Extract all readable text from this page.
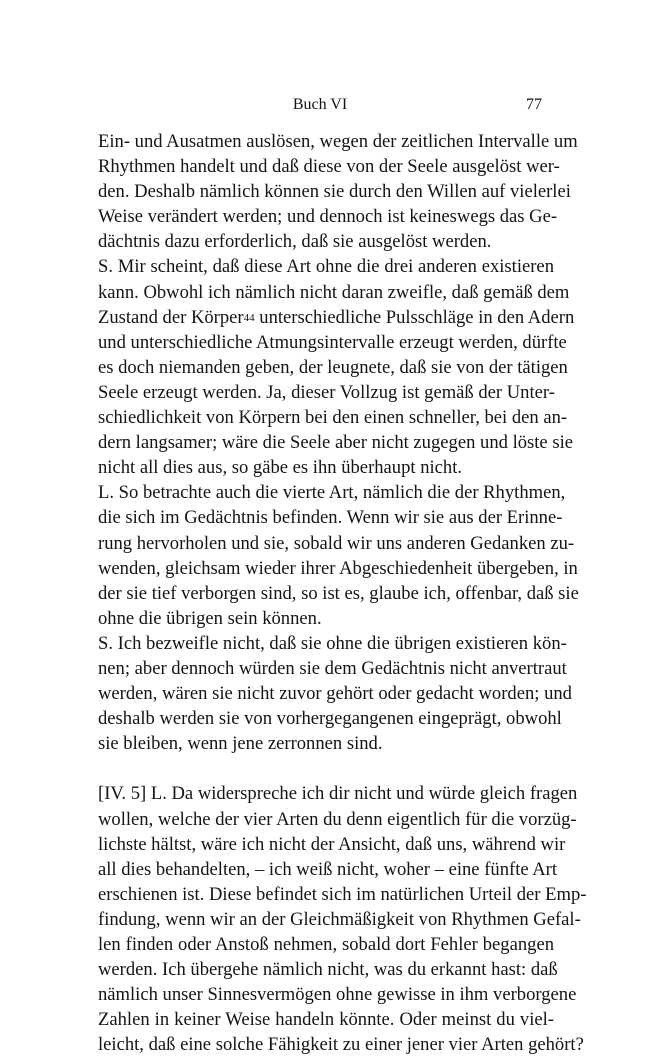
Buch VI	77
Ein- und Ausatmen auslösen, wegen der zeitlichen Intervalle um
Rhythmen handelt und daß diese von der Seele ausgelöst wer-
den. Deshalb nämlich können sie durch den Willen auf vielerlei
Weise verändert werden; und dennoch ist keineswegs das Ge-
dächtnis dazu erforderlich, daß sie ausgelöst werden.
S. Mir scheint, daß diese Art ohne die drei anderen existieren
kann. Obwohl ich nämlich nicht daran zweifle, daß gemäß dem
Zustand der Körper$^{44}$ unterschiedliche Pulsschläge in den Adern
und unterschiedliche Atmungsintervalle erzeugt werden, dürfte
es doch niemanden geben, der leugnete, daß sie von der tätigen
Seele erzeugt werden. Ja, dieser Vollzug ist gemäß der Unter-
schiedlichkeit von Körpern bei den einen schneller, bei den an-
dern langsamer; wäre die Seele aber nicht zugegen und löste sie
nicht all dies aus, so gäbe es ihn überhaupt nicht.
L. So betrachte auch die vierte Art, nämlich die der Rhythmen,
die sich im Gedächtnis befinden. Wenn wir sie aus der Erinne-
rung hervorholen und sie, sobald wir uns anderen Gedanken zu-
wenden, gleichsam wieder ihrer Abgeschiedenheit übergeben, in
der sie tief verborgen sind, so ist es, glaube ich, offenbar, daß sie
ohne die übrigen sein können.
S. Ich bezweifle nicht, daß sie ohne die übrigen existieren kön-
nen; aber dennoch würden sie dem Gedächtnis nicht anvertraut
werden, wären sie nicht zuvor gehört oder gedacht worden; und
deshalb werden sie von vorhergegangenen eingeprägt, obwohl
sie bleiben, wenn jene zerronnen sind.
[IV. 5] L. Da widerspreche ich dir nicht und würde gleich fragen
wollen, welche der vier Arten du denn eigentlich für die vorzüg-
lichste hältst, wäre ich nicht der Ansicht, daß uns, während wir
all dies behandelten, – ich weiß nicht, woher – eine fünfte Art
erschienen ist. Diese befindet sich im natürlichen Urteil der Emp-
findung, wenn wir an der Gleichmäßigkeit von Rhythmen Gefal-
len finden oder Anstoß nehmen, sobald dort Fehler begangen
werden. Ich übergehe nämlich nicht, was du erkannt hast: daß
nämlich unser Sinnesvermögen ohne gewisse in ihm verborgene
Zahlen in keiner Weise handeln könnte. Oder meinst du viel-
leicht, daß eine solche Fähigkeit zu einer jener vier Arten gehört?
